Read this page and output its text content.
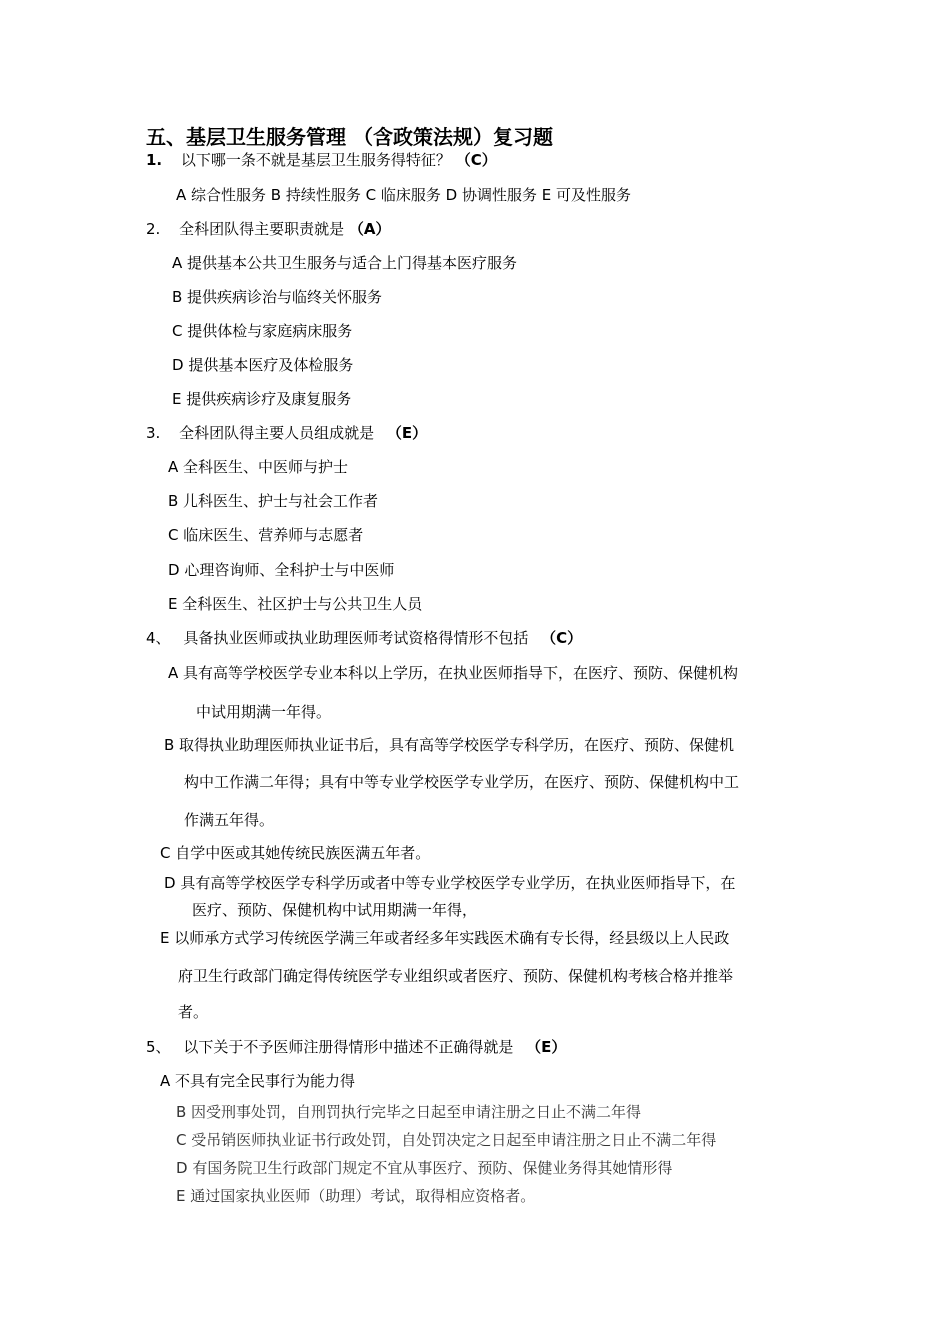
五、基层卫生服务管理 （含政策法规）复习题
1. 以下哪一条不就是基层卫生服务得特征？ （C）
A 综合性服务 B 持续性服务 C 临床服务 D 协调性服务 E 可及性服务
2. 全科团队得主要职责就是 （A）
A 提供基本公共卫生服务与适合上门得基本医疗服务
B 提供疾病诊治与临终关怀服务
C 提供体检与家庭病床服务
D 提供基本医疗及体检服务
E 提供疾病诊疗及康复服务
3. 全科团队得主要人员组成就是 （E）
A 全科医生、中医师与护士
B 儿科医生、护士与社会工作者
C 临床医生、营养师与志愿者
D 心理咨询师、全科护士与中医师
E 全科医生、社区护士与公共卫生人员
4、 具备执业医师或执业助理医师考试资格得情形不包括 （C）
A 具有高等学校医学专业本科以上学历，在执业医师指导下，在医疗、预防、保健机构
中试用期满一年得。
B 取得执业助理医师执业证书后，具有高等学校医学专科学历，在医疗、预防、保健机
构中工作满二年得；具有中等专业学校医学专业学历，在医疗、预防、保健机构中工
作满五年得。
C 自学中医或其她传统民族医满五年者。
D 具有高等学校医学专科学历或者中等专业学校医学专业学历，在执业医师指导下，在
医疗、预防、保健机构中试用期满一年得，
E 以师承方式学习传统医学满三年或者经多年实践医术确有专长得，经县级以上人民政
府卫生行政部门确定得传统医学专业组织或者医疗、预防、保健机构考核合格并推举
者。
5、 以下关于不予医师注册得情形中描述不正确得就是 （E）
A 不具有完全民事行为能力得
B 因受刑事处罚，自刑罚执行完毕之日起至申请注册之日止不满二年得
C 受吊销医师执业证书行政处罚，自处罚决定之日起至申请注册之日止不满二年得
D 有国务院卫生行政部门规定不宜从事医疗、预防、保健业务得其她情形得
E 通过国家执业医师（助理）考试，取得相应资格者。
